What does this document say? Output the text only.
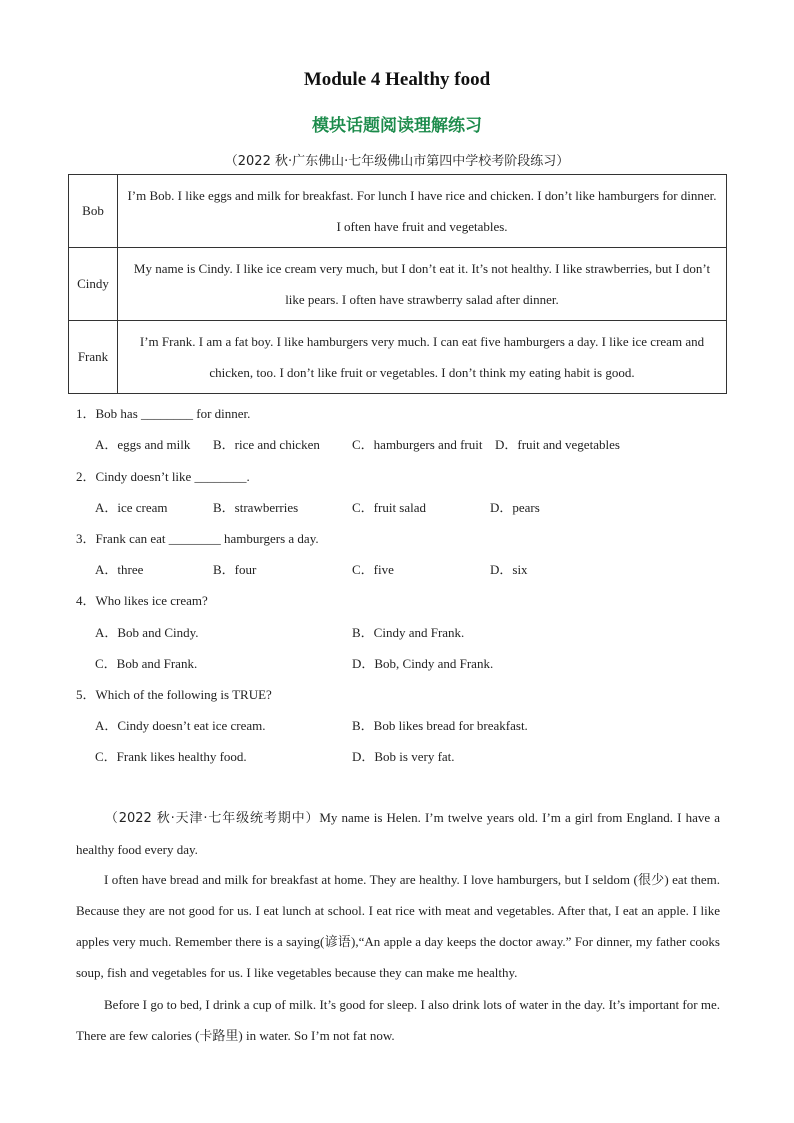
Module 4 Healthy food
模块话题阅读理解练习
（2022 秋·广东佛山·七年级佛山市第四中学校考阶段练习）
Bob	I’m Bob. I like eggs and milk for breakfast. For lunch I have rice and chicken. I don’t like hamburgers for dinner. I often have fruit and vegetables.
Cindy	My name is Cindy. I like ice cream very much, but I don’t eat it. It’s not healthy. I like strawberries, but I don’t like pears. I often have strawberry salad after dinner.
Frank	I’m Frank. I am a fat boy. I like hamburgers very much. I can eat five hamburgers a day. I like ice cream and chicken, too. I don’t like fruit or vegetables. I don’t think my eating habit is good.
1．Bob has ________ for dinner.
A．eggs and milk B．rice and chicken C．hamburgers and fruit D．fruit and vegetables
2．Cindy doesn’t like ________.
A．ice cream	B．strawberries	C．fruit salad	D．pears
3．Frank can eat ________ hamburgers a day.
A．three	B．four	C．five	D．six
4．Who likes ice cream?
A．Bob and Cindy.	B．Cindy and Frank.
C．Bob and Frank.	D．Bob, Cindy and Frank.
5．Which of the following is TRUE?
A．Cindy doesn’t eat ice cream.	B．Bob likes bread for breakfast.
C．Frank likes healthy food.	D．Bob is very fat.
（2022 秋·天津·七年级统考期中）My name is Helen. I’m twelve years old. I’m a girl from England. I have a healthy food every day.
I often have bread and milk for breakfast at home. They are healthy. I love hamburgers, but I seldom (很少) eat them. Because they are not good for us. I eat lunch at school. I eat rice with meat and vegetables. After that, I eat an apple. I like apples very much. Remember there is a saying(谚语),“An apple a day keeps the doctor away.” For dinner, my father cooks soup, fish and vegetables for us. I like vegetables because they can make me healthy.
Before I go to bed, I drink a cup of milk. It’s good for sleep. I also drink lots of water in the day. It’s important for me. There are few calories (卡路里) in water. So I’m not fat now.
